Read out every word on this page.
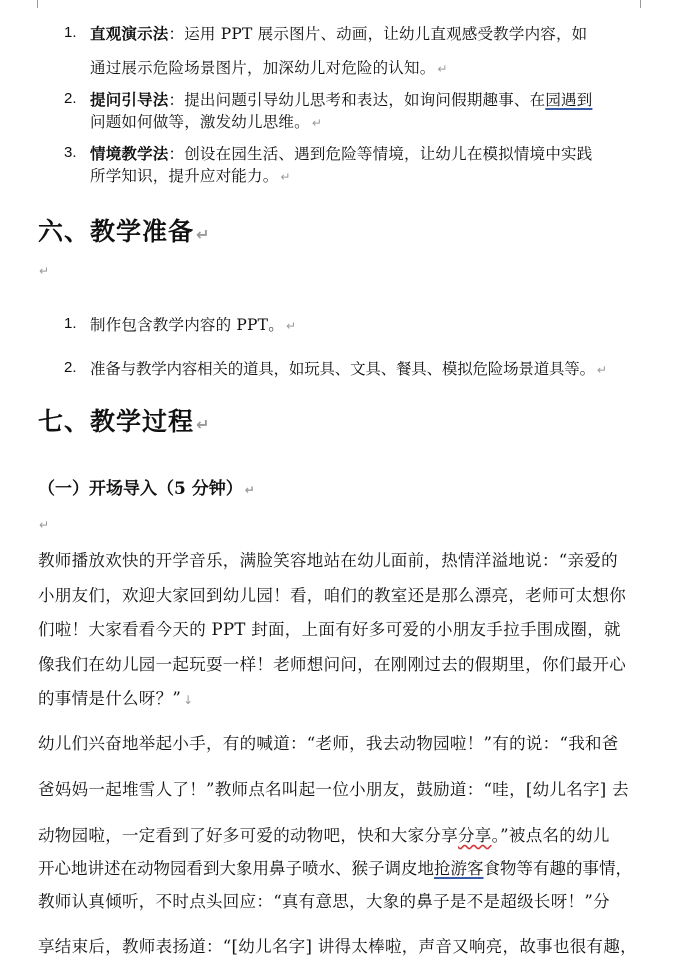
1. 直观演示法：运用 PPT 展示图片、动画，让幼儿直观感受教学内容，如
通过展示危险场景图片，加深幼儿对危险的认知。 ↵
2. 提问引导法：提出问题引导幼儿思考和表达，如询问假期趣事、在园遇到
问题如何做等，激发幼儿思维。 ↵
3. 情境教学法：创设在园生活、遇到危险等情境，让幼儿在模拟情境中实践
所学知识，提升应对能力。 ↵
六、教学准备 ↵
↵
1. 制作包含教学内容的 PPT。 ↵
2. 准备与教学内容相关的道具，如玩具、文具、餐具、模拟危险场景道具等。 ↵
七、教学过程 ↵
（一）开场导入（5 分钟） ↵
↵
教师播放欢快的开学音乐，满脸笑容地站在幼儿面前，热情洋溢地说：“亲爱的
小朋友们，欢迎大家回到幼儿园！看，咱们的教室还是那么漂亮，老师可太想你
们啦！大家看看今天的 PPT 封面，上面有好多可爱的小朋友手拉手围成圈，就
像我们在幼儿园一起玩耍一样！老师想问问，在刚刚过去的假期里，你们最开心
的事情是什么呀？” ↓
幼儿们兴奋地举起小手，有的喊道：“老师，我去动物园啦！”有的说：“我和爸
爸妈妈一起堆雪人了！”教师点名叫起一位小朋友，鼓励道：“哇，[幼儿名字] 去
动物园啦，一定看到了好多可爱的动物吧，快和大家分享分享。”被点名的幼儿
开心地讲述在动物园看到大象用鼻子喷水、猴子调皮地抢游客食物等有趣的事情，
教师认真倾听，不时点头回应：“真有意思，大象的鼻子是不是超级长呀！”分
享结束后，教师表扬道：“[幼儿名字] 讲得太棒啦，声音又响亮，故事也很有趣，
